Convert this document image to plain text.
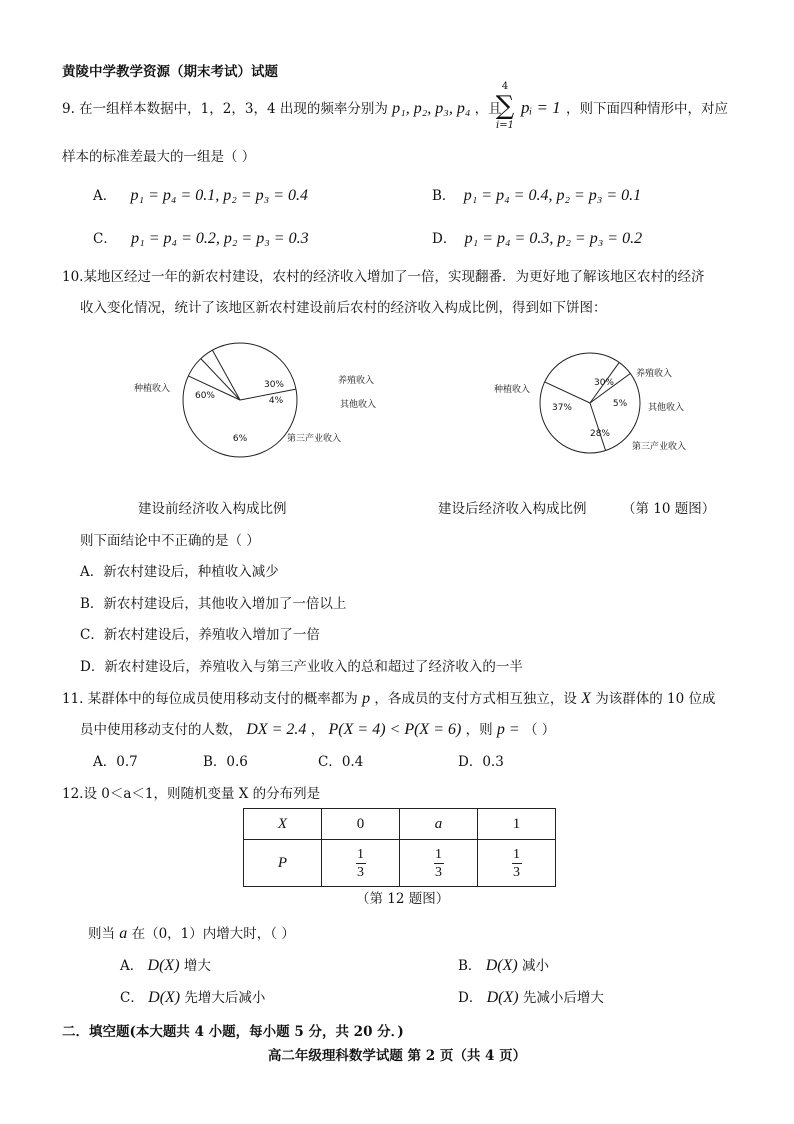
黄陵中学教学资源（期末考试）试题
9. 在一组样本数据中，1，2，3，4 出现的频率分别为 p₁, p₂, p₃, p₄ ，且
4
∑
i=1
pᵢ = 1 ，则下面四种情形中，对应
样本的标准差最大的一组是（ ）
A． p₁ = p₄ = 0.1, p₂ = p₃ = 0.4	B． p₁ = p₄ = 0.4, p₂ = p₃ = 0.1
C． p₁ = p₄ = 0.2, p₂ = p₃ = 0.3	D． p₁ = p₄ = 0.3, p₂ = p₃ = 0.2
10.某地区经过一年的新农村建设，农村的经济收入增加了一倍，实现翻番．为更好地了解该地区农村的经济
收入变化情况，统计了该地区新农村建设前后农村的经济收入构成比例，得到如下饼图：
60%
种植收入
6%	第三产业收入
4%	其他收入
30%	养殖收入
37%
种植收入
28%
第三产业收入
5% 其他收入
30%
养殖收入
建设前经济收入构成比例	建设后经济收入构成比例	（第 10 题图）
则下面结论中不正确的是（ ）
A．新农村建设后，种植收入减少
B．新农村建设后，其他收入增加了一倍以上
C．新农村建设后，养殖收入增加了一倍
D．新农村建设后，养殖收入与第三产业收入的总和超过了经济收入的一半
11. 某群体中的每位成员使用移动支付的概率都为 p ，各成员的支付方式相互独立，设 X 为该群体的 10 位成
员中使用移动支付的人数， DX = 2.4 ， P(X = 4) < P(X = 6) ，则 p = （ ）
A．0.7	B．0.6	C．0.4	D．0.3
12.设 0＜a＜1，则随机变量 X 的分布列是
X	0	a	1
P	$\frac{1}{3}$	$\frac{1}{3}$	$\frac{1}{3}$
（第 12 题图）
则当 a 在（0，1）内增大时，（ ）
A． D(X) 增大	B． D(X) 减小
C． D(X) 先增大后减小	D． D(X) 先减小后增大
二．填空题(本大题共 4 小题，每小题 5 分，共 20 分．)
高二年级理科数学试题 第 2 页（共 4 页）
